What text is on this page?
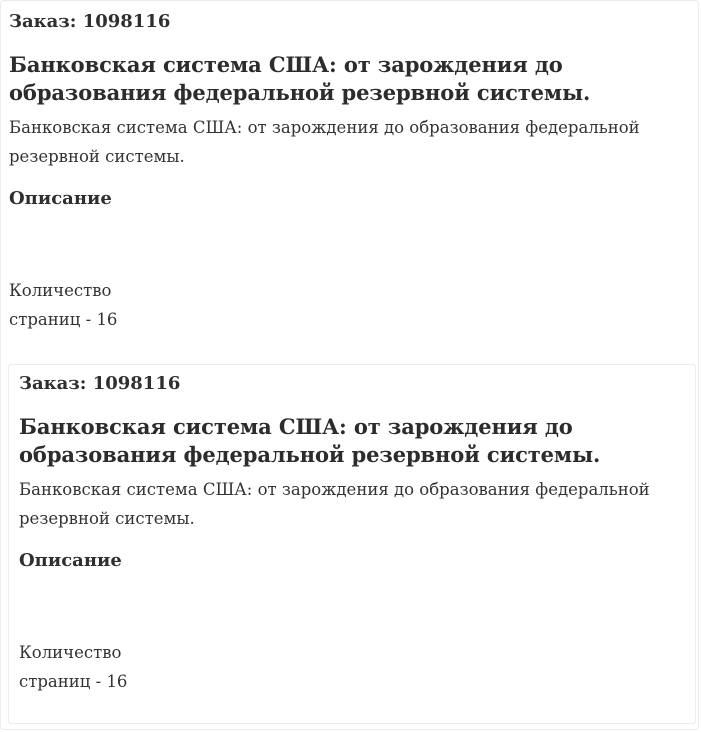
Заказ: 1098116

Банковская система США: от зарождения до образования федеральной резервной системы.

Банковская система США: от зарождения до образования федеральной резервной системы.

Описание

Количество
страниц - 16

Заказ: 1098116

Банковская система США: от зарождения до образования федеральной резервной системы.

Банковская система США: от зарождения до образования федеральной резервной системы.

Описание

Количество
страниц - 16
